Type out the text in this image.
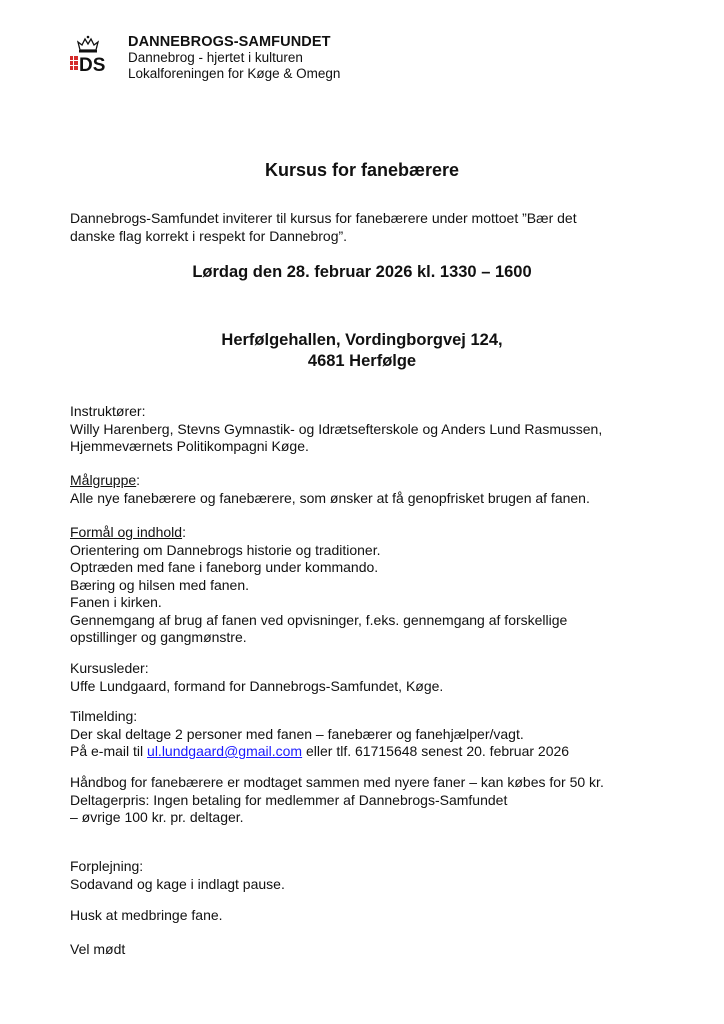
DS
DANNEBROGS-SAMFUNDET
Dannebrog - hjertet i kulturen
Lokalforeningen for Køge & Omegn
Kursus for fanebærere
Dannebrogs-Samfundet inviterer til kursus for fanebærere under mottoet ”Bær det
danske flag korrekt i respekt for Dannebrog”.
Lørdag den 28. februar 2026 kl. 1330 – 1600
Herfølgehallen, Vordingborgvej 124,
4681 Herfølge
Instruktører:
Willy Harenberg, Stevns Gymnastik- og Idrætsefterskole og Anders Lund Rasmussen,
Hjemmeværnets Politikompagni Køge.
Målgruppe:
Alle nye fanebærere og fanebærere, som ønsker at få genopfrisket brugen af fanen.
Formål og indhold:
Orientering om Dannebrogs historie og traditioner.
Optræden med fane i faneborg under kommando.
Bæring og hilsen med fanen.
Fanen i kirken.
Gennemgang af brug af fanen ved opvisninger, f.eks. gennemgang af forskellige
opstillinger og gangmønstre.
Kursusleder:
Uffe Lundgaard, formand for Dannebrogs-Samfundet, Køge.
Tilmelding:
Der skal deltage 2 personer med fanen – fanebærer og fanehjælper/vagt.
På e-mail til ul.lundgaard@gmail.com eller tlf. 61715648 senest 20. februar 2026
Håndbog for fanebærere er modtaget sammen med nyere faner – kan købes for 50 kr.
Deltagerpris: Ingen betaling for medlemmer af Dannebrogs-Samfundet
– øvrige 100 kr. pr. deltager.
Forplejning:
Sodavand og kage i indlagt pause.
Husk at medbringe fane.
Vel mødt
